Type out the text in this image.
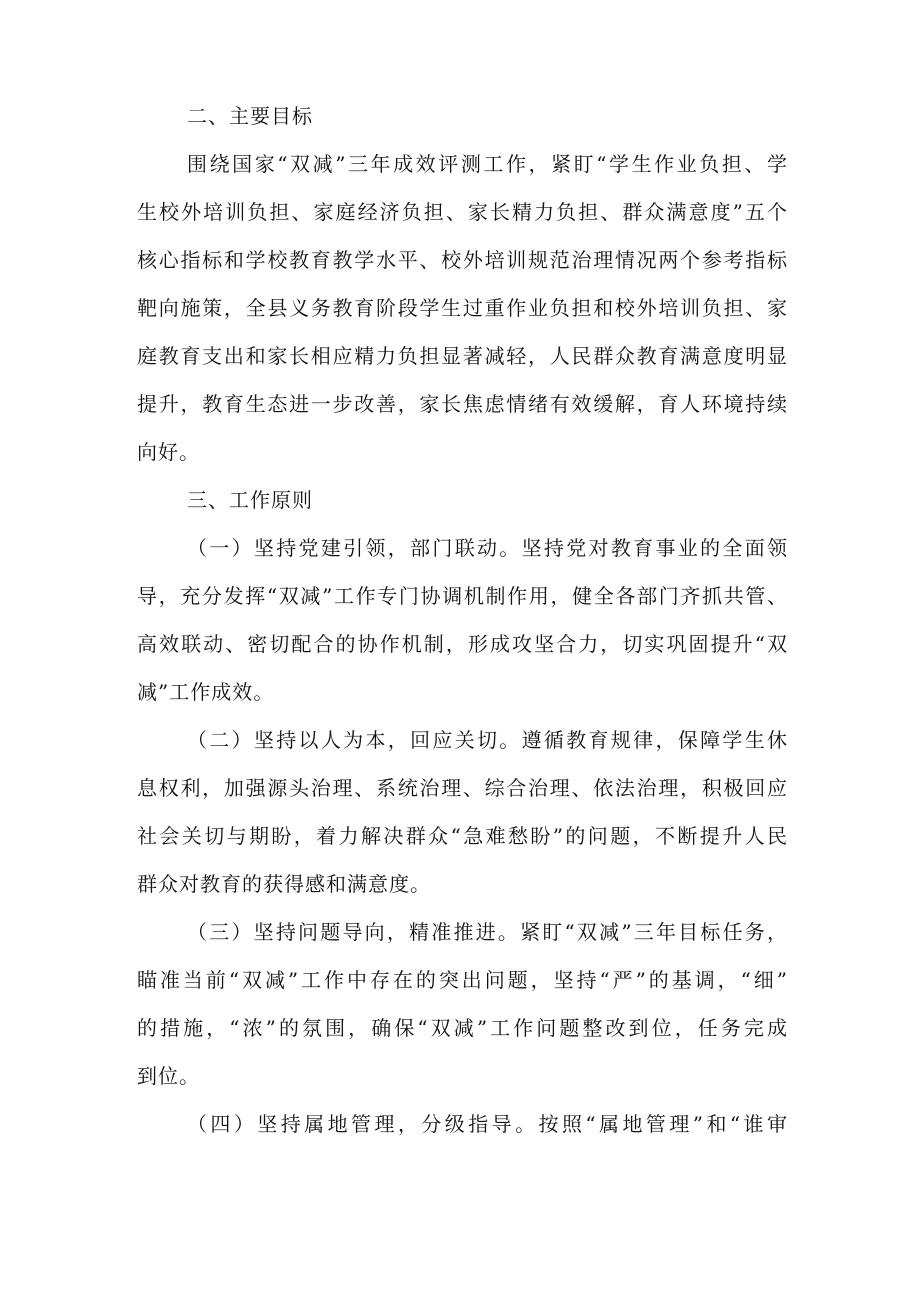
二、主要目标
围绕国家“双减”三年成效评测工作，紧盯“学生作业负担、学
生校外培训负担、家庭经济负担、家长精力负担、群众满意度”五个
核心指标和学校教育教学水平、校外培训规范治理情况两个参考指标
靶向施策，全县义务教育阶段学生过重作业负担和校外培训负担、家
庭教育支出和家长相应精力负担显著减轻，人民群众教育满意度明显
提升，教育生态进一步改善，家长焦虑情绪有效缓解，育人环境持续
向好。
三、工作原则
（一）坚持党建引领，部门联动。坚持党对教育事业的全面领
导，充分发挥“双减”工作专门协调机制作用，健全各部门齐抓共管、
高效联动、密切配合的协作机制，形成攻坚合力，切实巩固提升“双
减”工作成效。
（二）坚持以人为本，回应关切。遵循教育规律，保障学生休
息权利，加强源头治理、系统治理、综合治理、依法治理，积极回应
社会关切与期盼，着力解决群众“急难愁盼”的问题，不断提升人民
群众对教育的获得感和满意度。
（三）坚持问题导向，精准推进。紧盯“双减”三年目标任务，
瞄准当前“双减”工作中存在的突出问题，坚持“严”的基调，“细”
的措施，“浓”的氛围，确保“双减”工作问题整改到位，任务完成
到位。
（四）坚持属地管理，分级指导。按照“属地管理”和“谁审
